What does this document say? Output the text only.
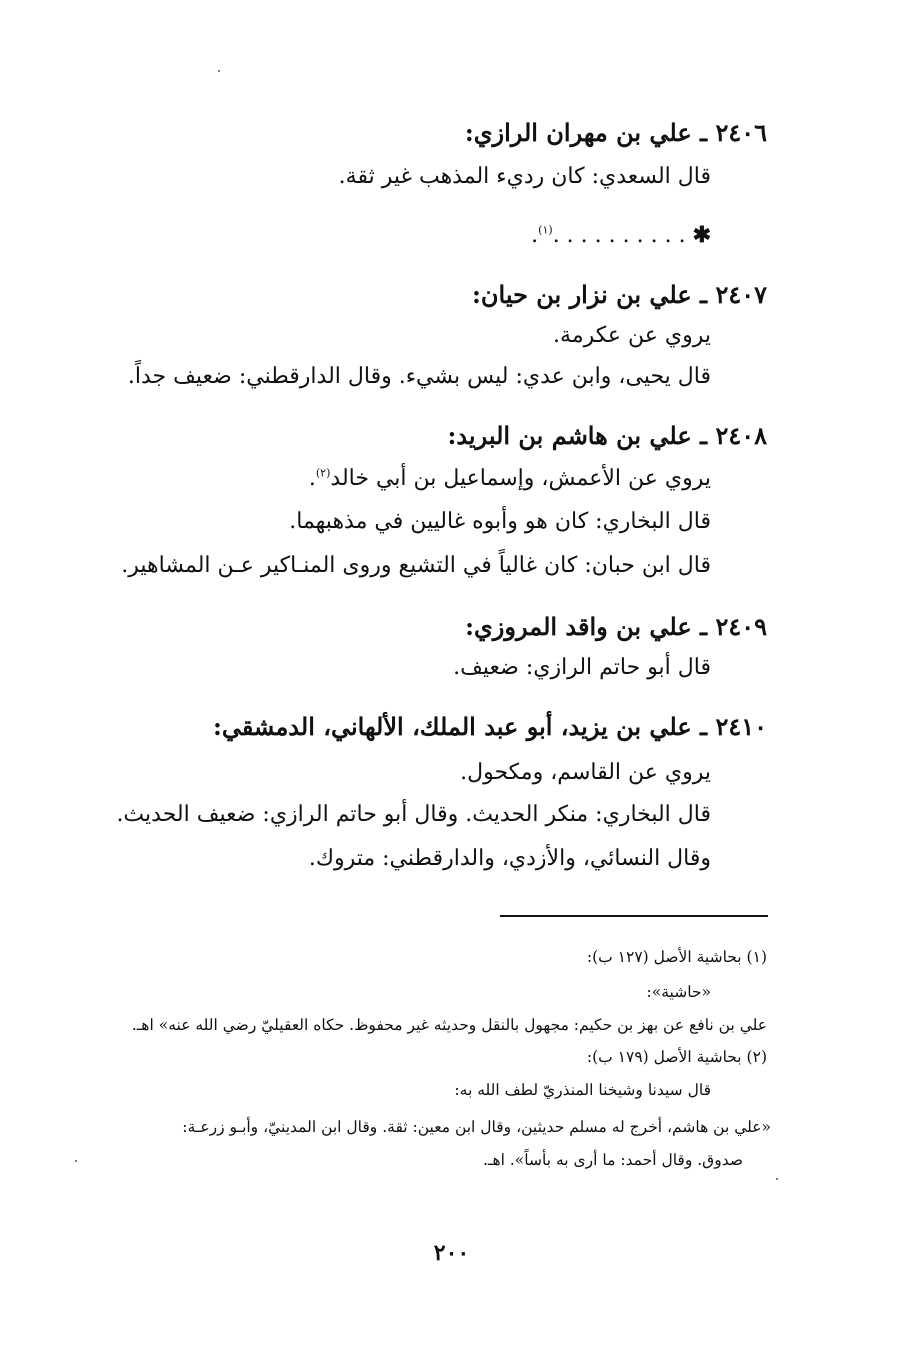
٢٤٠٦ ـ علي بن مهران الرازي:
قال السعدي: كان رديء المذهب غير ثقة.
✱ . . . . . . . . . .$^{(١)}$.
٢٤٠٧ ـ علي بن نزار بن حيان:
يروي عن عكرمة.
قال يحيى، وابن عدي: ليس بشيء. وقال الدارقطني: ضعيف جداً.
٢٤٠٨ ـ علي بن هاشم بن البريد:
يروي عن الأعمش، وإسماعيل بن أبي خالد$^{(٢)}$.
قال البخاري: كان هو وأبوه غاليين في مذهبهما.
قال ابن حبان: كان غالياً في التشيع وروى المنـاكير عـن المشاهير.
٢٤٠٩ ـ علي بن واقد المروزي:
قال أبو حاتم الرازي: ضعيف.
٢٤١٠ ـ علي بن يزيد، أبو عبد الملك، الألهاني، الدمشقي:
يروي عن القاسم، ومكحول.
قال البخاري: منكر الحديث. وقال أبو حاتم الرازي: ضعيف الحديث.
وقال النسائي، والأزدي، والدارقطني: متروك.
(١) بحاشية الأصل (١٢٧ ب):
«حاشية»:
علي بن نافع عن بهز بن حكيم: مجهول بالنقل وحديثه غير محفوظ. حكاه العقيليّ رضي الله عنه» اهـ.
(٢) بحاشية الأصل (١٧٩ ب):
قال سيدنا وشيخنا المنذريّ لطف الله به:
«علي بن هاشم، أخرج له مسلم حديثين، وقال ابن معين: ثقة. وقال ابن المدينيّ، وأبـو زرعـة:
صدوق. وقال أحمد: ما أرى به بأساً». اهـ.
٢٠٠
